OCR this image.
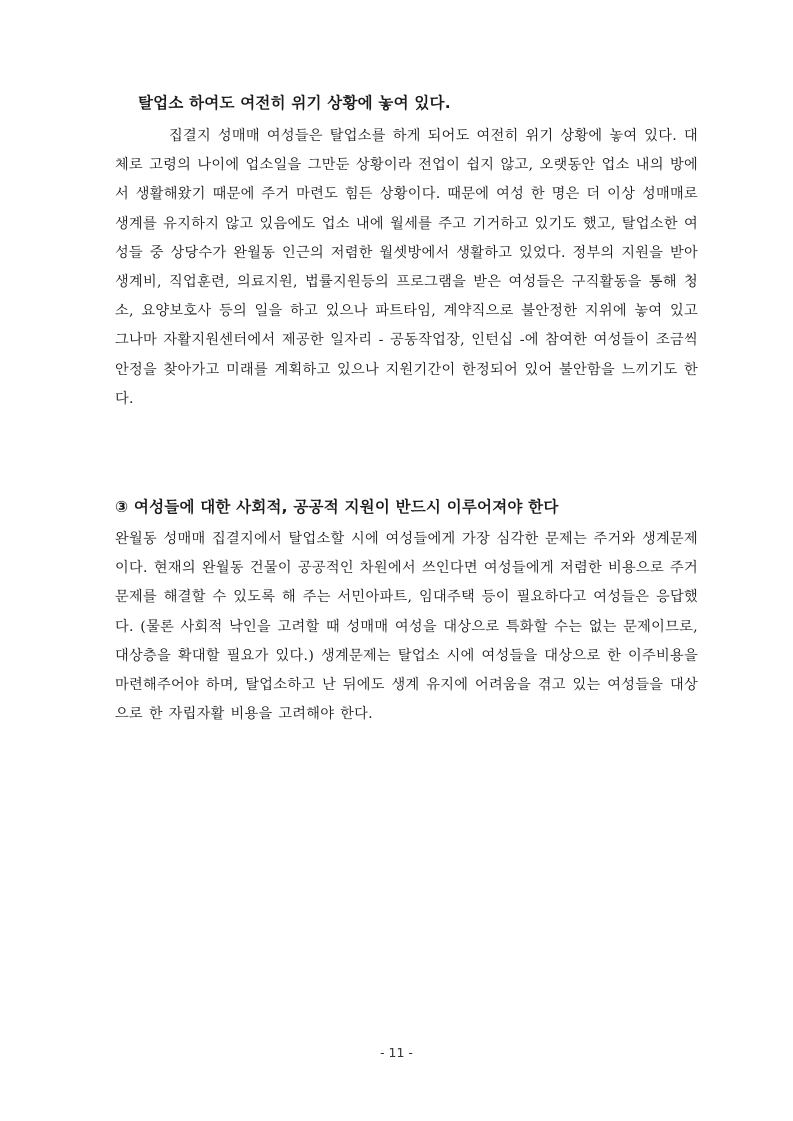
탈업소 하여도 여전히 위기 상황에 놓여 있다.
집결지 성매매 여성들은 탈업소를 하게 되어도 여전히 위기 상황에 놓여 있다. 대체로 고령의 나이에 업소일을 그만둔 상황이라 전업이 쉽지 않고, 오랫동안 업소 내의 방에서 생활해왔기 때문에 주거 마련도 힘든 상황이다. 때문에 여성 한 명은 더 이상 성매매로 생계를 유지하지 않고 있음에도 업소 내에 월세를 주고 기거하고 있기도 했고, 탈업소한 여성들 중 상당수가 완월동 인근의 저렴한 월셋방에서 생활하고 있었다. 정부의 지원을 받아 생계비, 직업훈련, 의료지원, 법률지원등의 프로그램을 받은 여성들은 구직활동을 통해 청소, 요양보호사 등의 일을 하고 있으나 파트타임, 계약직으로 불안정한 지위에 놓여 있고 그나마 자활지원센터에서 제공한 일자리 - 공동작업장, 인턴십 -에 참여한 여성들이 조금씩 안정을 찾아가고 미래를 계획하고 있으나 지원기간이 한정되어 있어 불안함을 느끼기도 한다.
③ 여성들에 대한 사회적, 공공적 지원이 반드시 이루어져야 한다
완월동 성매매 집결지에서 탈업소할 시에 여성들에게 가장 심각한 문제는 주거와 생계문제이다. 현재의 완월동 건물이 공공적인 차원에서 쓰인다면 여성들에게 저렴한 비용으로 주거문제를 해결할 수 있도록 해 주는 서민아파트, 임대주택 등이 필요하다고 여성들은 응답했다. (물론 사회적 낙인을 고려할 때 성매매 여성을 대상으로 특화할 수는 없는 문제이므로, 대상층을 확대할 필요가 있다.) 생계문제는 탈업소 시에 여성들을 대상으로 한 이주비용을 마련해주어야 하며, 탈업소하고 난 뒤에도 생계 유지에 어려움을 겪고 있는 여성들을 대상으로 한 자립자활 비용을 고려해야 한다.
- 11 -
